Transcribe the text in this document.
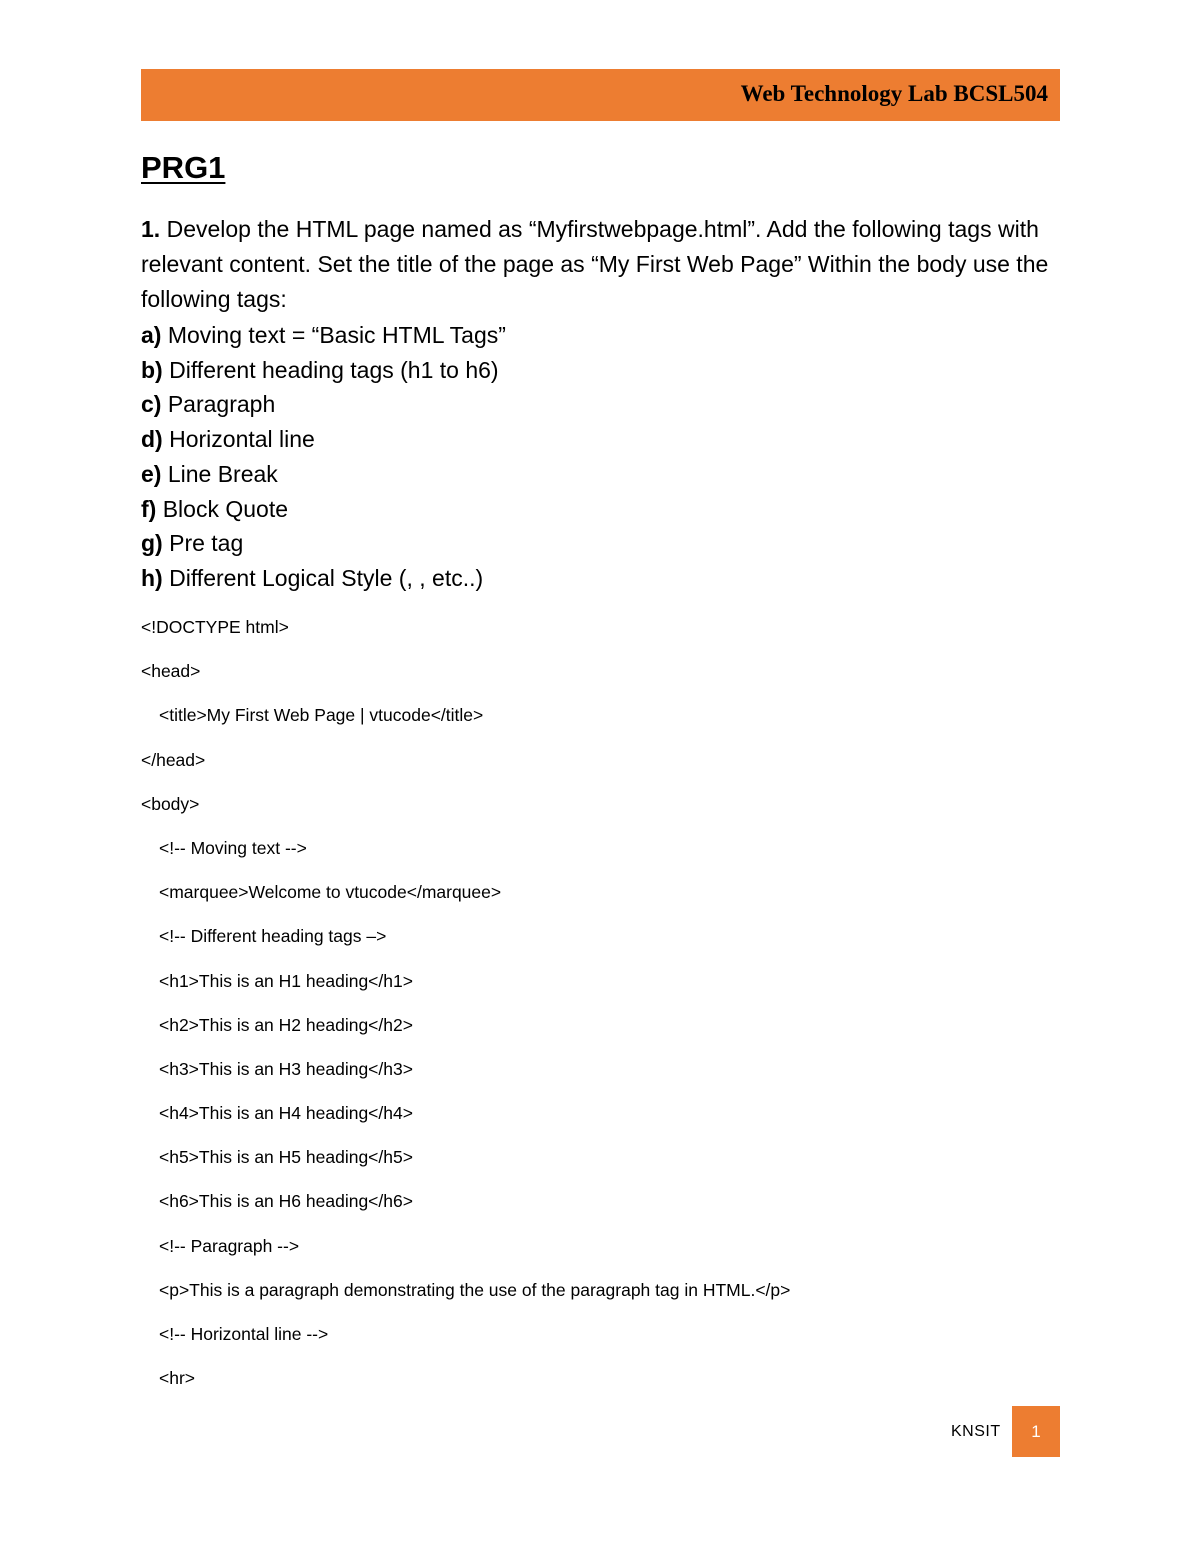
Web Technology Lab BCSL504
PRG1

1. Develop the HTML page named as “Myfirstwebpage.html”. Add the following tags with relevant content. Set the title of the page as “My First Web Page” Within the body use the following tags:

a) Moving text = “Basic HTML Tags”
b) Different heading tags (h1 to h6)
c) Paragraph
d) Horizontal line
e) Line Break
f) Block Quote
g) Pre tag
h) Different Logical Style (, , etc..)
<!DOCTYPE html>
<head>
<title>My First Web Page | vtucode</title>
</head>
<body>
<!-- Moving text -->
<marquee>Welcome to vtucode</marquee>
<!-- Different heading tags –>
<h1>This is an H1 heading</h1>
<h2>This is an H2 heading</h2>
<h3>This is an H3 heading</h3>
<h4>This is an H4 heading</h4>
<h5>This is an H5 heading</h5>
<h6>This is an H6 heading</h6>
<!-- Paragraph -->
<p>This is a paragraph demonstrating the use of the paragraph tag in HTML.</p>
<!-- Horizontal line -->
<hr>
KNSIT 1
